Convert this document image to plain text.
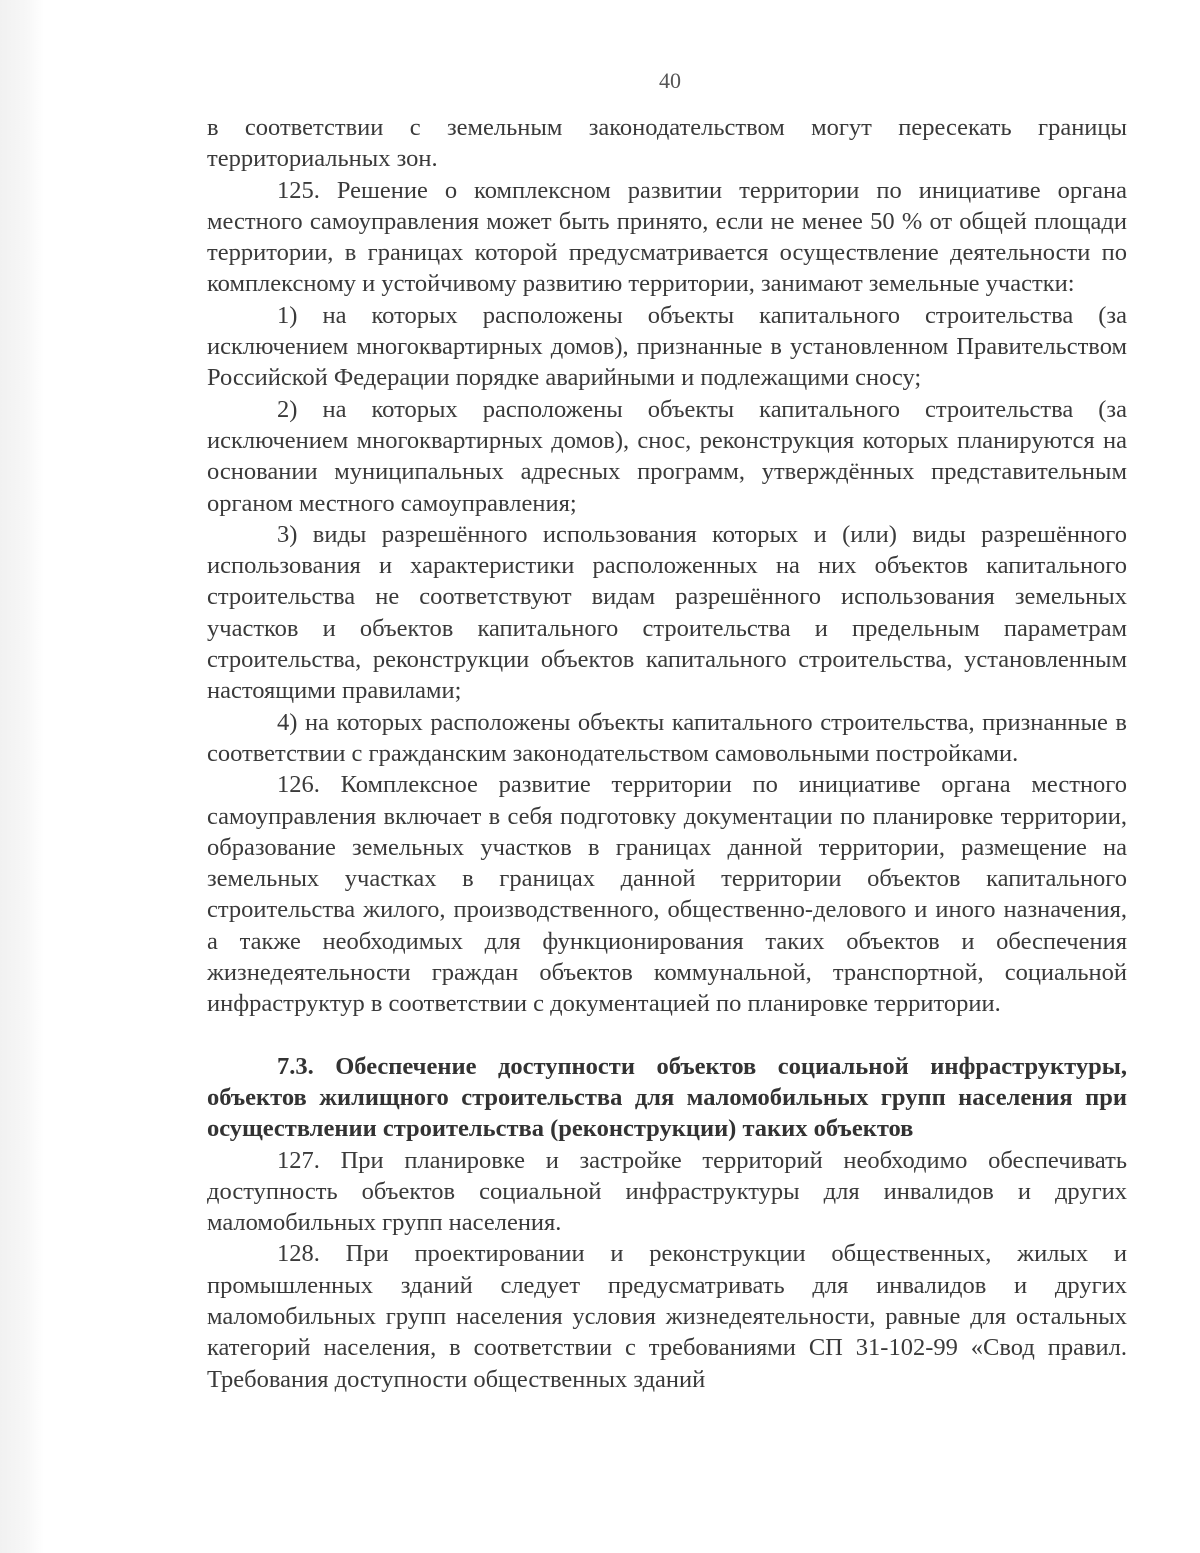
40

в соответствии с земельным законодательством могут пересекать границы территориальных зон.

125. Решение о комплексном развитии территории по инициативе органа местного самоуправления может быть принято, если не менее 50 % от общей площади территории, в границах которой предусматривается осуществление деятельности по комплексному и устойчивому развитию территории, занимают земельные участки:

1) на которых расположены объекты капитального строительства (за исключением многоквартирных домов), признанные в установленном Правительством Российской Федерации порядке аварийными и подлежащими сносу;

2) на которых расположены объекты капитального строительства (за исключением многоквартирных домов), снос, реконструкция которых планируются на основании муниципальных адресных программ, утверждённых представительным органом местного самоуправления;

3) виды разрешённого использования которых и (или) виды разрешённого использования и характеристики расположенных на них объектов капитального строительства не соответствуют видам разрешённого использования земельных участков и объектов капитального строительства и предельным параметрам строительства, реконструкции объектов капитального строительства, установленным настоящими правилами;

4) на которых расположены объекты капитального строительства, признанные в соответствии с гражданским законодательством самовольными постройками.

126. Комплексное развитие территории по инициативе органа местного самоуправления включает в себя подготовку документации по планировке территории, образование земельных участков в границах данной территории, размещение на земельных участках в границах данной территории объектов капитального строительства жилого, производственного, общественно-делового и иного назначения, а также необходимых для функционирования таких объектов и обеспечения жизнедеятельности граждан объектов коммунальной, транспортной, социальной инфраструктур в соответствии с документацией по планировке территории.

7.3. Обеспечение доступности объектов социальной инфраструктуры, объектов жилищного строительства для маломобильных групп населения при осуществлении строительства (реконструкции) таких объектов

127. При планировке и застройке территорий необходимо обеспечивать доступность объектов социальной инфраструктуры для инвалидов и других маломобильных групп населения.

128. При проектировании и реконструкции общественных, жилых и промышленных зданий следует предусматривать для инвалидов и других маломобильных групп населения условия жизнедеятельности, равные для остальных категорий населения, в соответствии с требованиями СП 31-102-99 «Свод правил. Требования доступности общественных зданий
